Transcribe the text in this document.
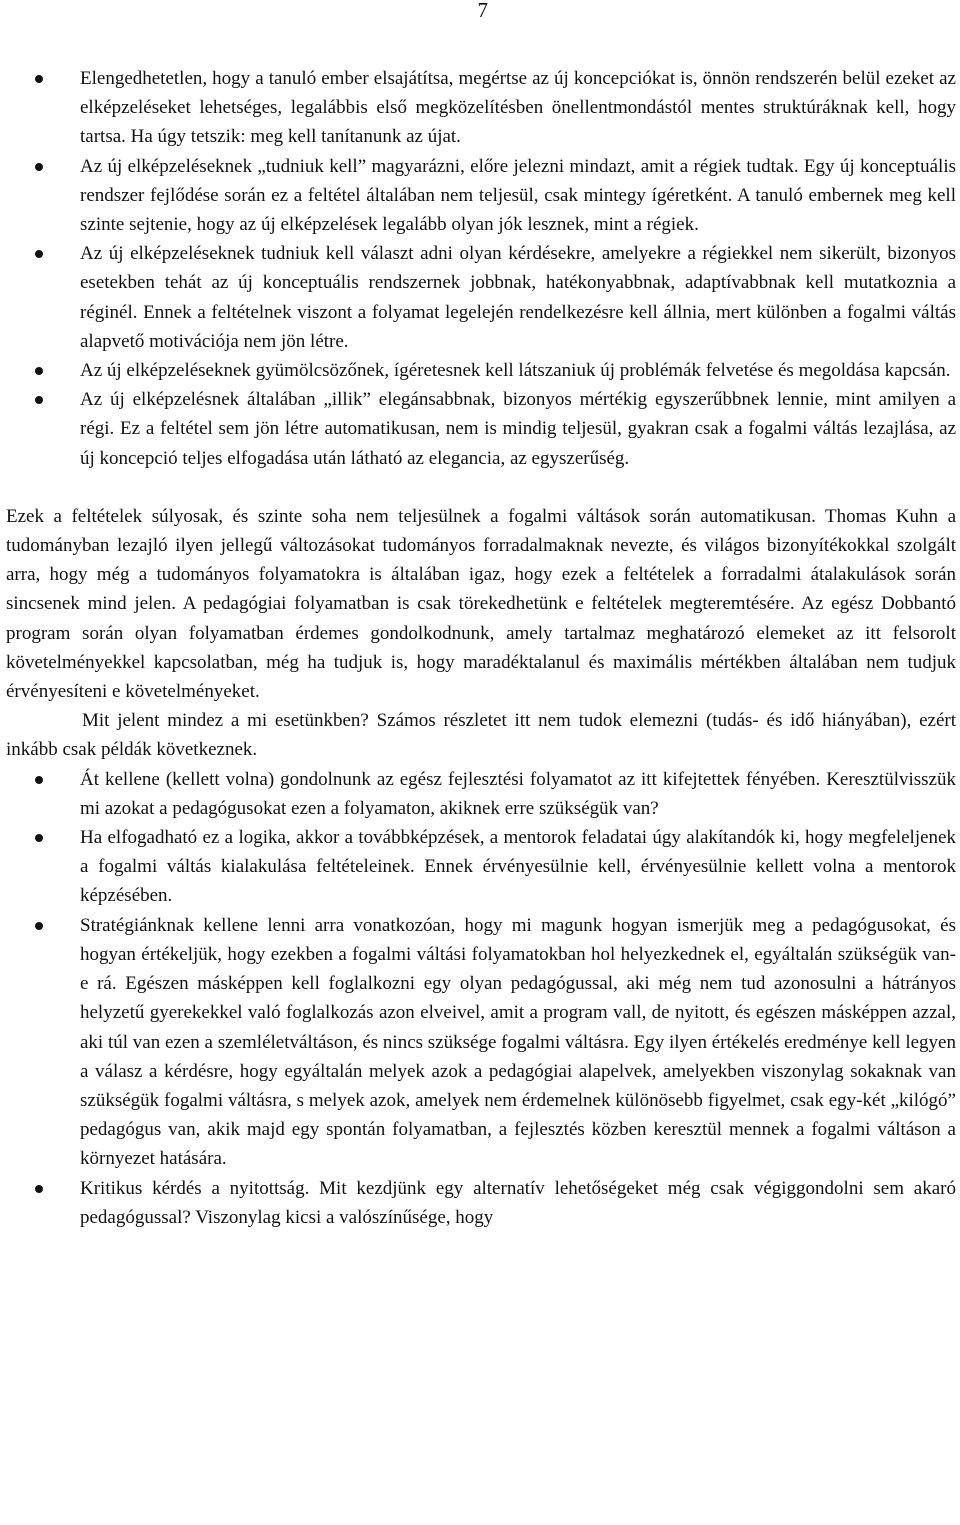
7
Elengedhetetlen, hogy a tanuló ember elsajátítsa, megértse az új koncepciókat is, önnön rendszerén belül ezeket az elképzeléseket lehetséges, legalábbis első megközelítésben önellentmondástól mentes struktúráknak kell, hogy tartsa. Ha úgy tetszik: meg kell tanítanunk az újat.
Az új elképzeléseknek „tudniuk kell” magyarázni, előre jelezni mindazt, amit a régiek tudtak. Egy új konceptuális rendszer fejlődése során ez a feltétel általában nem teljesül, csak mintegy ígéretként. A tanuló embernek meg kell szinte sejtenie, hogy az új elképzelések legalább olyan jók lesznek, mint a régiek.
Az új elképzeléseknek tudniuk kell választ adni olyan kérdésekre, amelyekre a régiekkel nem sikerült, bizonyos esetekben tehát az új konceptuális rendszernek jobbnak, hatékonyabbnak, adaptívabbnak kell mutatkoznia a réginél. Ennek a feltételnek viszont a folyamat legelején rendelkezésre kell állnia, mert különben a fogalmi váltás alapvető motivációja nem jön létre.
Az új elképzeléseknek gyümölcsözőnek, ígéretesnek kell látszaniuk új problémák felvetése és megoldása kapcsán.
Az új elképzelésnek általában „illik” elegánsabbnak, bizonyos mértékig egyszerűbbnek lennie, mint amilyen a régi. Ez a feltétel sem jön létre automatikusan, nem is mindig teljesül, gyakran csak a fogalmi váltás lezajlása, az új koncepció teljes elfogadása után látható az elegancia, az egyszerűség.

Ezek a feltételek súlyosak, és szinte soha nem teljesülnek a fogalmi váltások során automatikusan. Thomas Kuhn a tudományban lezajló ilyen jellegű változásokat tudományos forradalmaknak nevezte, és világos bizonyítékokkal szolgált arra, hogy még a tudományos folyamatokra is általában igaz, hogy ezek a feltételek a forradalmi átalakulások során sincsenek mind jelen. A pedagógiai folyamatban is csak törekedhetünk e feltételek megteremtésére. Az egész Dobbantó program során olyan folyamatban érdemes gondolkodnunk, amely tartalmaz meghatározó elemeket az itt felsorolt követelményekkel kapcsolatban, még ha tudjuk is, hogy maradéktalanul és maximális mértékben általában nem tudjuk érvényesíteni e követelményeket.

Mit jelent mindez a mi esetünkben? Számos részletet itt nem tudok elemezni (tudás- és idő hiányában), ezért inkább csak példák következnek.

Át kellene (kellett volna) gondolnunk az egész fejlesztési folyamatot az itt kifejtettek fényében. Keresztülvisszük mi azokat a pedagógusokat ezen a folyamaton, akiknek erre szükségük van?
Ha elfogadható ez a logika, akkor a továbbképzések, a mentorok feladatai úgy alakítandók ki, hogy megfeleljenek a fogalmi váltás kialakulása feltételeinek. Ennek érvényesülnie kell, érvényesülnie kellett volna a mentorok képzésében.
Stratégiánknak kellene lenni arra vonatkozóan, hogy mi magunk hogyan ismerjük meg a pedagógusokat, és hogyan értékeljük, hogy ezekben a fogalmi váltási folyamatokban hol helyezkednek el, egyáltalán szükségük van-e rá. Egészen másképpen kell foglalkozni egy olyan pedagógussal, aki még nem tud azonosulni a hátrányos helyzetű gyerekekkel való foglalkozás azon elveivel, amit a program vall, de nyitott, és egészen másképpen azzal, aki túl van ezen a szemléletváltáson, és nincs szüksége fogalmi váltásra. Egy ilyen értékelés eredménye kell legyen a válasz a kérdésre, hogy egyáltalán melyek azok a pedagógiai alapelvek, amelyekben viszonylag sokaknak van szükségük fogalmi váltásra, s melyek azok, amelyek nem érdemelnek különösebb figyelmet, csak egy-két „kilógó” pedagógus van, akik majd egy spontán folyamatban, a fejlesztés közben keresztül mennek a fogalmi váltáson a környezet hatására.
Kritikus kérdés a nyitottság. Mit kezdjünk egy alternatív lehetőségeket még csak végiggondolni sem akaró pedagógussal? Viszonylag kicsi a valószínűsége, hogy
